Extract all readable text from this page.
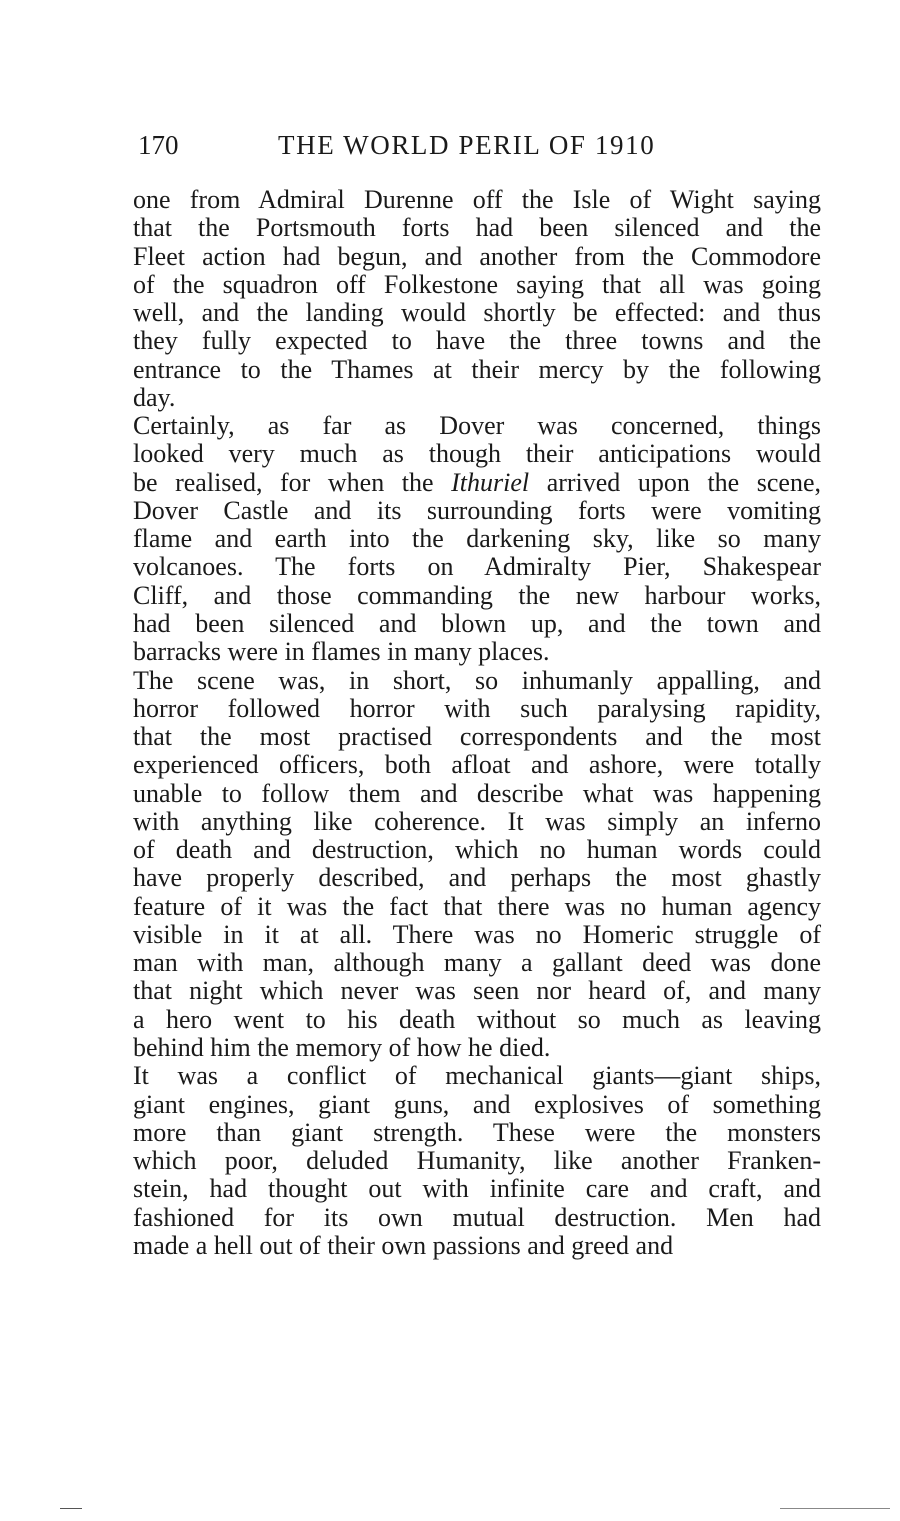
170	THE WORLD PERIL OF 1910
one from Admiral Durenne off the Isle of Wight saying
that the Portsmouth forts had been silenced and the
Fleet action had begun, and another from the Commodore
of the squadron off Folkestone saying that all was going
well, and the landing would shortly be effected: and thus
they fully expected to have the three towns and the
entrance to the Thames at their mercy by the following
day.
Certainly, as far as Dover was concerned, things
looked very much as though their anticipations would
be realised, for when the Ithuriel arrived upon the scene,
Dover Castle and its surrounding forts were vomiting
flame and earth into the darkening sky, like so many
volcanoes. The forts on Admiralty Pier, Shakespear
Cliff, and those commanding the new harbour works,
had been silenced and blown up, and the town and
barracks were in flames in many places.
The scene was, in short, so inhumanly appalling, and
horror followed horror with such paralysing rapidity,
that the most practised correspondents and the most
experienced officers, both afloat and ashore, were totally
unable to follow them and describe what was happening
with anything like coherence. It was simply an inferno
of death and destruction, which no human words could
have properly described, and perhaps the most ghastly
feature of it was the fact that there was no human agency
visible in it at all. There was no Homeric struggle of
man with man, although many a gallant deed was done
that night which never was seen nor heard of, and many
a hero went to his death without so much as leaving
behind him the memory of how he died.
It was a conflict of mechanical giants—giant ships,
giant engines, giant guns, and explosives of something
more than giant strength. These were the monsters
which poor, deluded Humanity, like another Franken-
stein, had thought out with infinite care and craft, and
fashioned for its own mutual destruction. Men had
made a hell out of their own passions and greed and
